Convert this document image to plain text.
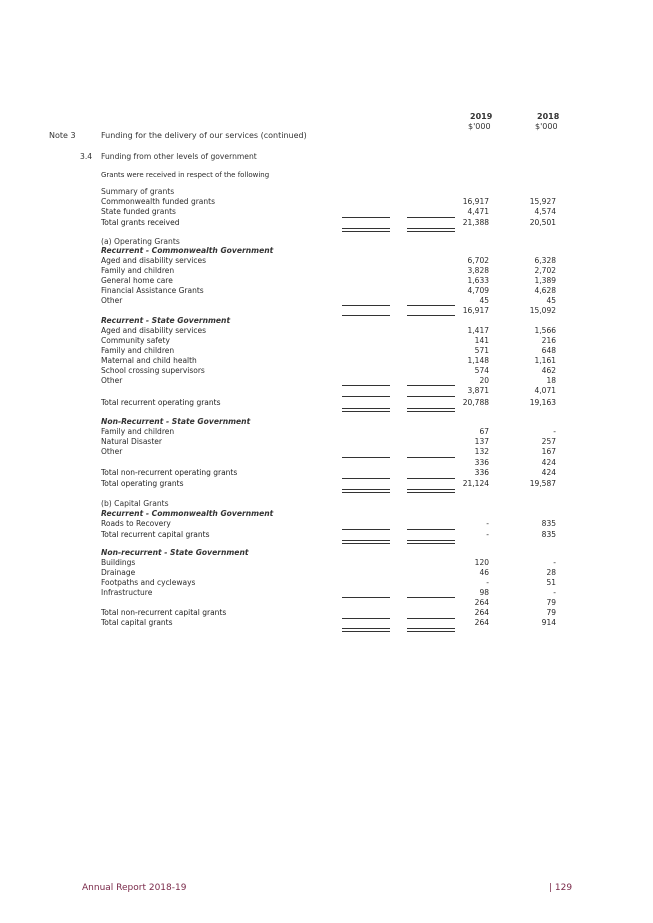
2019	2018
$'000	$'000
Note 3	Funding for the delivery of our services (continued)
3.4 Funding from other levels of government
Grants were received in respect of the following
Summary of grants
Commonwealth funded grants	16,917	15,927
State funded grants	4,471	4,574
Total grants received	21,388	20,501
(a) Operating Grants
Recurrent - Commonwealth Government
Aged and disability services	6,702	6,328
Family and children	3,828	2,702
General home care	1,633	1,389
Financial Assistance Grants	4,709	4,628
Other	45	45
16,917	15,092
Recurrent - State Government
Aged and disability services	1,417	1,566
Community safety	141	216
Family and children	571	648
Maternal and child health	1,148	1,161
School crossing supervisors	574	462
Other	20	18
3,871	4,071
Total recurrent operating grants	20,788	19,163
Non-Recurrent - State Government
Family and children	67	-
Natural Disaster	137	257
Other	132	167
336	424
Total non-recurrent operating grants	336	424
Total operating grants	21,124	19,587
(b) Capital Grants
Recurrent - Commonwealth Government
Roads to Recovery	-	835
Total recurrent capital grants	-	835
Non-recurrent - State Government
Buildings	120	-
Drainage	46	28
Footpaths and cycleways	-	51
Infrastructure	98	-
264	79
Total non-recurrent capital grants	264	79
Total capital grants	264	914
Annual Report 2018-19	| 129
